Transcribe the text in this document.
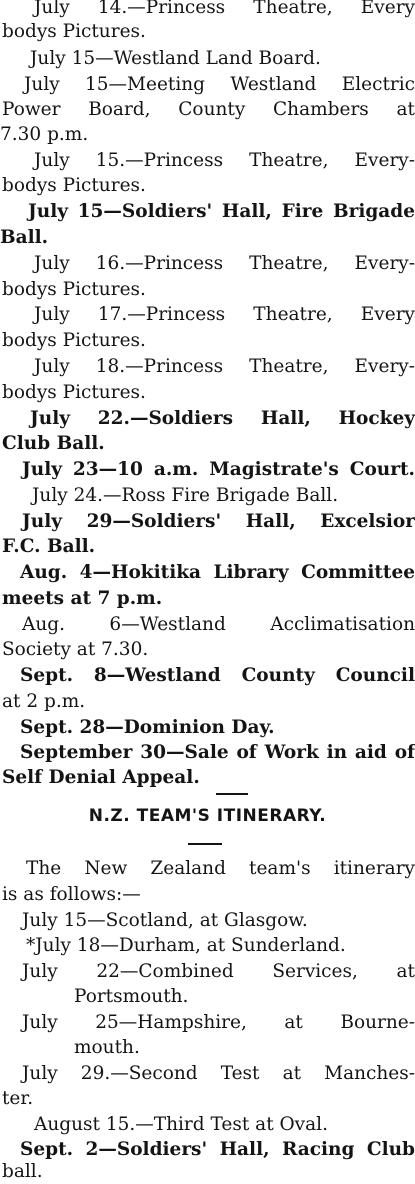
July 14.—Princess Theatre, Every
bodys Pictures.
July 15—Westland Land Board.
July 15—Meeting Westland Electric
Power Board, County Chambers at
7.30 p.m.
July 15.—Princess Theatre, Every-
bodys Pictures.
July 15—Soldiers' Hall, Fire Brigade
Ball.
July 16.—Princess Theatre, Every-
bodys Pictures.
July 17.—Princess Theatre, Every
bodys Pictures.
July 18.—Princess Theatre, Every-
bodys Pictures.
July 22.—Soldiers Hall, Hockey
Club Ball.
July 23—10 a.m. Magistrate's Court.
July 24.—Ross Fire Brigade Ball.
July 29—Soldiers' Hall, Excelsior
F.C. Ball.
Aug. 4—Hokitika Library Committee
meets at 7 p.m.
Aug. 6—Westland Acclimatisation
Society at 7.30.
Sept. 8—Westland County Council
at 2 p.m.
Sept. 28—Dominion Day.
September 30—Sale of Work in aid of
Self Denial Appeal.
N.Z. TEAM'S ITINERARY.
The New Zealand team's itinerary
is as follows:—
July 15—Scotland, at Glasgow.
*July 18—Durham, at Sunderland.
July 22—Combined Services, at
Portsmouth.
July 25—Hampshire, at Bourne-
mouth.
July 29.—Second Test at Manches-
ter.
August 15.—Third Test at Oval.
Sept. 2—Soldiers' Hall, Racing Club
ball.
